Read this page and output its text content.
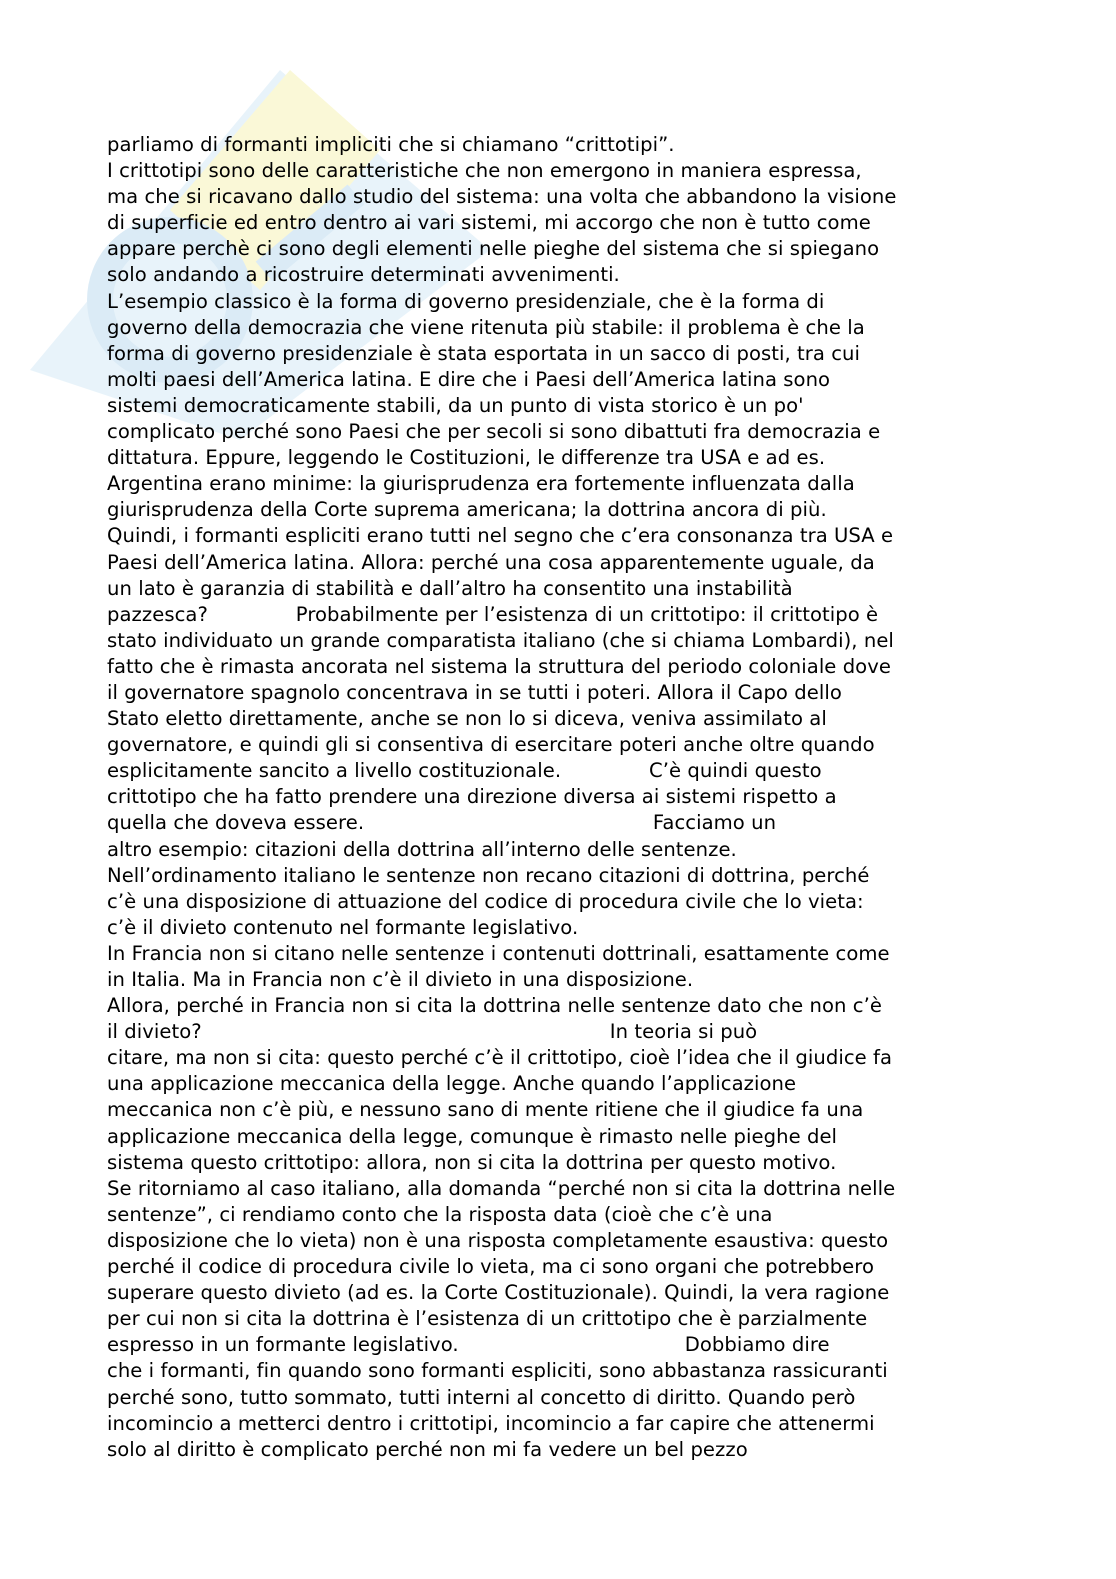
parliamo di formanti impliciti che si chiamano “crittotipi”.
I crittotipi sono delle caratteristiche che non emergono in maniera espressa,
ma che si ricavano dallo studio del sistema: una volta che abbandono la visione
di superficie ed entro dentro ai vari sistemi, mi accorgo che non è tutto come
appare perchè ci sono degli elementi nelle pieghe del sistema che si spiegano
solo andando a ricostruire determinati avvenimenti.
L’esempio classico è la forma di governo presidenziale, che è la forma di
governo della democrazia che viene ritenuta più stabile: il problema è che la
forma di governo presidenziale è stata esportata in un sacco di posti, tra cui
molti paesi dell’America latina. E dire che i Paesi dell’America latina sono
sistemi democraticamente stabili, da un punto di vista storico è un po'
complicato perché sono Paesi che per secoli si sono dibattuti fra democrazia e
dittatura. Eppure, leggendo le Costituzioni, le differenze tra USA e ad es.
Argentina erano minime: la giurisprudenza era fortemente influenzata dalla
giurisprudenza della Corte suprema americana; la dottrina ancora di più.
Quindi, i formanti espliciti erano tutti nel segno che c’era consonanza tra USA e
Paesi dell’America latina. Allora: perché una cosa apparentemente uguale, da
un lato è garanzia di stabilità e dall’altro ha consentito una instabilità
pazzesca?              Probabilmente per l’esistenza di un crittotipo: il crittotipo è
stato individuato un grande comparatista italiano (che si chiama Lombardi), nel
fatto che è rimasta ancorata nel sistema la struttura del periodo coloniale dove
il governatore spagnolo concentrava in se tutti i poteri. Allora il Capo dello
Stato eletto direttamente, anche se non lo si diceva, veniva assimilato al
governatore, e quindi gli si consentiva di esercitare poteri anche oltre quando
esplicitamente sancito a livello costituzionale.              C’è quindi questo
crittotipo che ha fatto prendere una direzione diversa ai sistemi rispetto a
quella che doveva essere.                                              Facciamo un
altro esempio: citazioni della dottrina all’interno delle sentenze.
Nell’ordinamento italiano le sentenze non recano citazioni di dottrina, perché
c’è una disposizione di attuazione del codice di procedura civile che lo vieta:
c’è il divieto contenuto nel formante legislativo.
In Francia non si citano nelle sentenze i contenuti dottrinali, esattamente come
in Italia. Ma in Francia non c’è il divieto in una disposizione.
Allora, perché in Francia non si cita la dottrina nelle sentenze dato che non c’è
il divieto?                                                                 In teoria si può
citare, ma non si cita: questo perché c’è il crittotipo, cioè l’idea che il giudice fa
una applicazione meccanica della legge. Anche quando l’applicazione
meccanica non c’è più, e nessuno sano di mente ritiene che il giudice fa una
applicazione meccanica della legge, comunque è rimasto nelle pieghe del
sistema questo crittotipo: allora, non si cita la dottrina per questo motivo.
Se ritorniamo al caso italiano, alla domanda “perché non si cita la dottrina nelle
sentenze”, ci rendiamo conto che la risposta data (cioè che c’è una
disposizione che lo vieta) non è una risposta completamente esaustiva: questo
perché il codice di procedura civile lo vieta, ma ci sono organi che potrebbero
superare questo divieto (ad es. la Corte Costituzionale). Quindi, la vera ragione
per cui non si cita la dottrina è l’esistenza di un crittotipo che è parzialmente
espresso in un formante legislativo.                                    Dobbiamo dire
che i formanti, fin quando sono formanti espliciti, sono abbastanza rassicuranti
perché sono, tutto sommato, tutti interni al concetto di diritto. Quando però
incomincio a metterci dentro i crittotipi, incomincio a far capire che attenermi
solo al diritto è complicato perché non mi fa vedere un bel pezzo
